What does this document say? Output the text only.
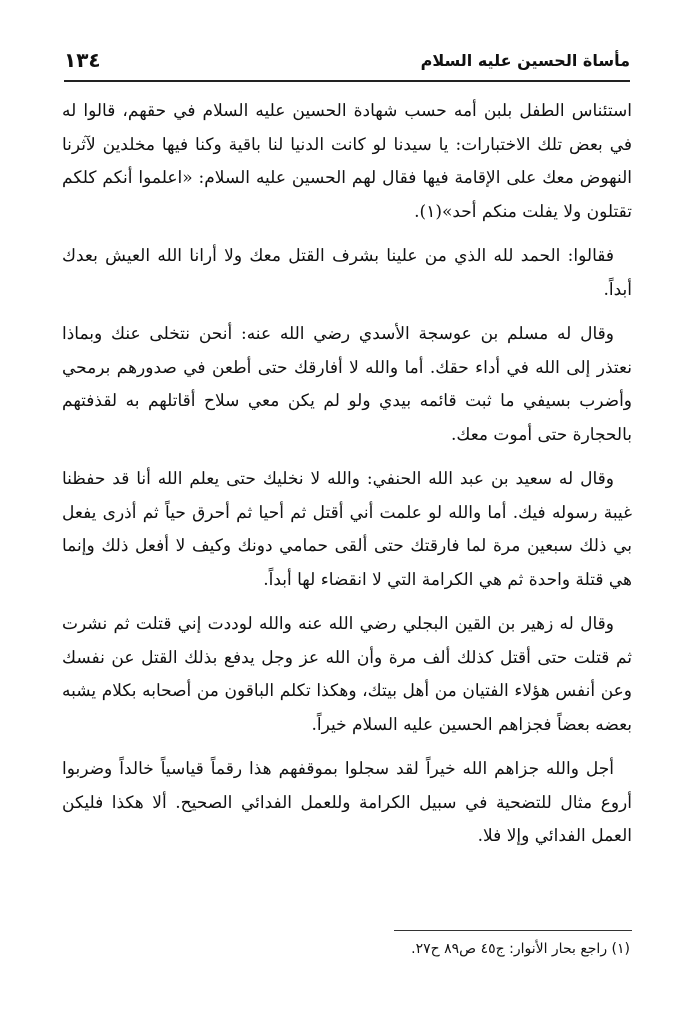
مأساة الحسين عليه السلام
١٣٤

استئناس الطفل بلبن أمه حسب شهادة الحسين عليه السلام في حقهم، قالوا له في بعض تلك الاختبارات: يا سيدنا لو كانت الدنيا لنا باقية وكنا فيها مخلدين لآثرنا النهوض معك على الإقامة فيها فقال لهم الحسين عليه السلام: «اعلموا أنكم كلكم تقتلون ولا يفلت منكم أحد»(١).

فقالوا: الحمد لله الذي من علينا بشرف القتل معك ولا أرانا الله العيش بعدك أبداً.

وقال له مسلم بن عوسجة الأسدي رضي الله عنه: أنحن نتخلى عنك وبماذا نعتذر إلى الله في أداء حقك. أما والله لا أفارقك حتى أطعن في صدورهم برمحي وأضرب بسيفي ما ثبت قائمه بيدي ولو لم يكن معي سلاح أقاتلهم به لقذفتهم بالحجارة حتى أموت معك.

وقال له سعيد بن عبد الله الحنفي: والله لا نخليك حتى يعلم الله أنا قد حفظنا غيبة رسوله فيك. أما والله لو علمت أني أقتل ثم أحيا ثم أحرق حياً ثم أذرى يفعل بي ذلك سبعين مرة لما فارقتك حتى ألقى حمامي دونك وكيف لا أفعل ذلك وإنما هي قتلة واحدة ثم هي الكرامة التي لا انقضاء لها أبداً.

وقال له زهير بن القين البجلي رضي الله عنه والله لوددت إني قتلت ثم نشرت ثم قتلت حتى أقتل كذلك ألف مرة وأن الله عز وجل يدفع بذلك القتل عن نفسك وعن أنفس هؤلاء الفتيان من أهل بيتك، وهكذا تكلم الباقون من أصحابه بكلام يشبه بعضه بعضاً فجزاهم الحسين عليه السلام خيراً.

أجل والله جزاهم الله خيراً لقد سجلوا بموقفهم هذا رقماً قياسياً خالداً وضربوا أروع مثال للتضحية في سبيل الكرامة وللعمل الفدائي الصحيح. ألا هكذا فليكن العمل الفدائي وإلا فلا.

(١) راجع بحار الأنوار: ج٤٥ ص٨٩ ح٢٧.
